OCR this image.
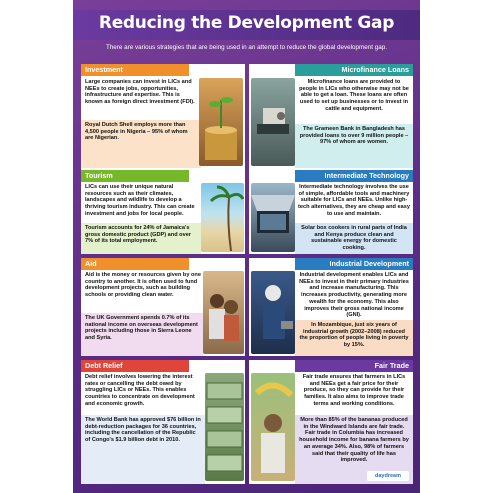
Reducing the Development Gap
There are various strategies that are being used in an attempt to reduce the global development gap.
Investment

Large companies can invest in LICs and NEEs to create jobs, opportunities, infrastructure and expertise. This is known as foreign direct investment (FDI).

Royal Dutch Shell employs more than 4,500 people in Nigeria – 95% of whom are Nigerian.

Microfinance Loans

Microfinance loans are provided to people in LICs who otherwise may not be able to get a loan. These loans are often used to set up businesses or to invest in cattle and equipment.

The Grameen Bank in Bangladesh has provided loans to over 9 million people – 97% of whom are women.

Tourism

LICs can use their unique natural resources such as their climates, landscapes and wildlife to develop a thriving tourism industry. This can create investment and jobs for local people.

Tourism accounts for 24% of Jamaica's gross domestic product (GDP) and over 7% of its total employment.

Intermediate Technology

Intermediate technology involves the use of simple, affordable tools and machinery suitable for LICs and NEEs. Unlike high-tech alternatives, they are cheap and easy to use and maintain.

Solar box cookers in rural parts of India and Kenya produce clean and sustainable energy for domestic cooking.

Aid

Aid is the money or resources given by one country to another. It is often used to fund development projects, such as building schools or providing clean water.

The UK Government spends 0.7% of its national income on overseas development projects including those in Sierra Leone and Syria.

Industrial Development

Industrial development enables LICs and NEEs to invest in their primary industries and increase manufacturing. This increases productivity, generating more wealth for the economy. This also improves their gross national income (GNI).

In Mozambique, just six years of industrial growth (2002–2008) reduced the proportion of people living in poverty by 15%.

Debt Relief

Debt relief involves lowering the interest rates or cancelling the debt owed by struggling LICs or NEEs. This enables countries to concentrate on development and economic growth.

The World Bank has approved $76 billion in debt-reduction packages for 36 countries, including the cancellation of the Republic of Congo's $1.9 billion debt in 2010.

Fair Trade

Fair trade ensures that farmers in LICs and NEEs get a fair price for their produce, so they can provide for their families. It also aims to improve trade terms and working conditions.

More than 85% of the bananas produced in the Windward Islands are fair trade. Fair trade in Columbia has increased household income for banana farmers by an average 34%. Also, 98% of farmers said that their quality of life has improved.

daydream
